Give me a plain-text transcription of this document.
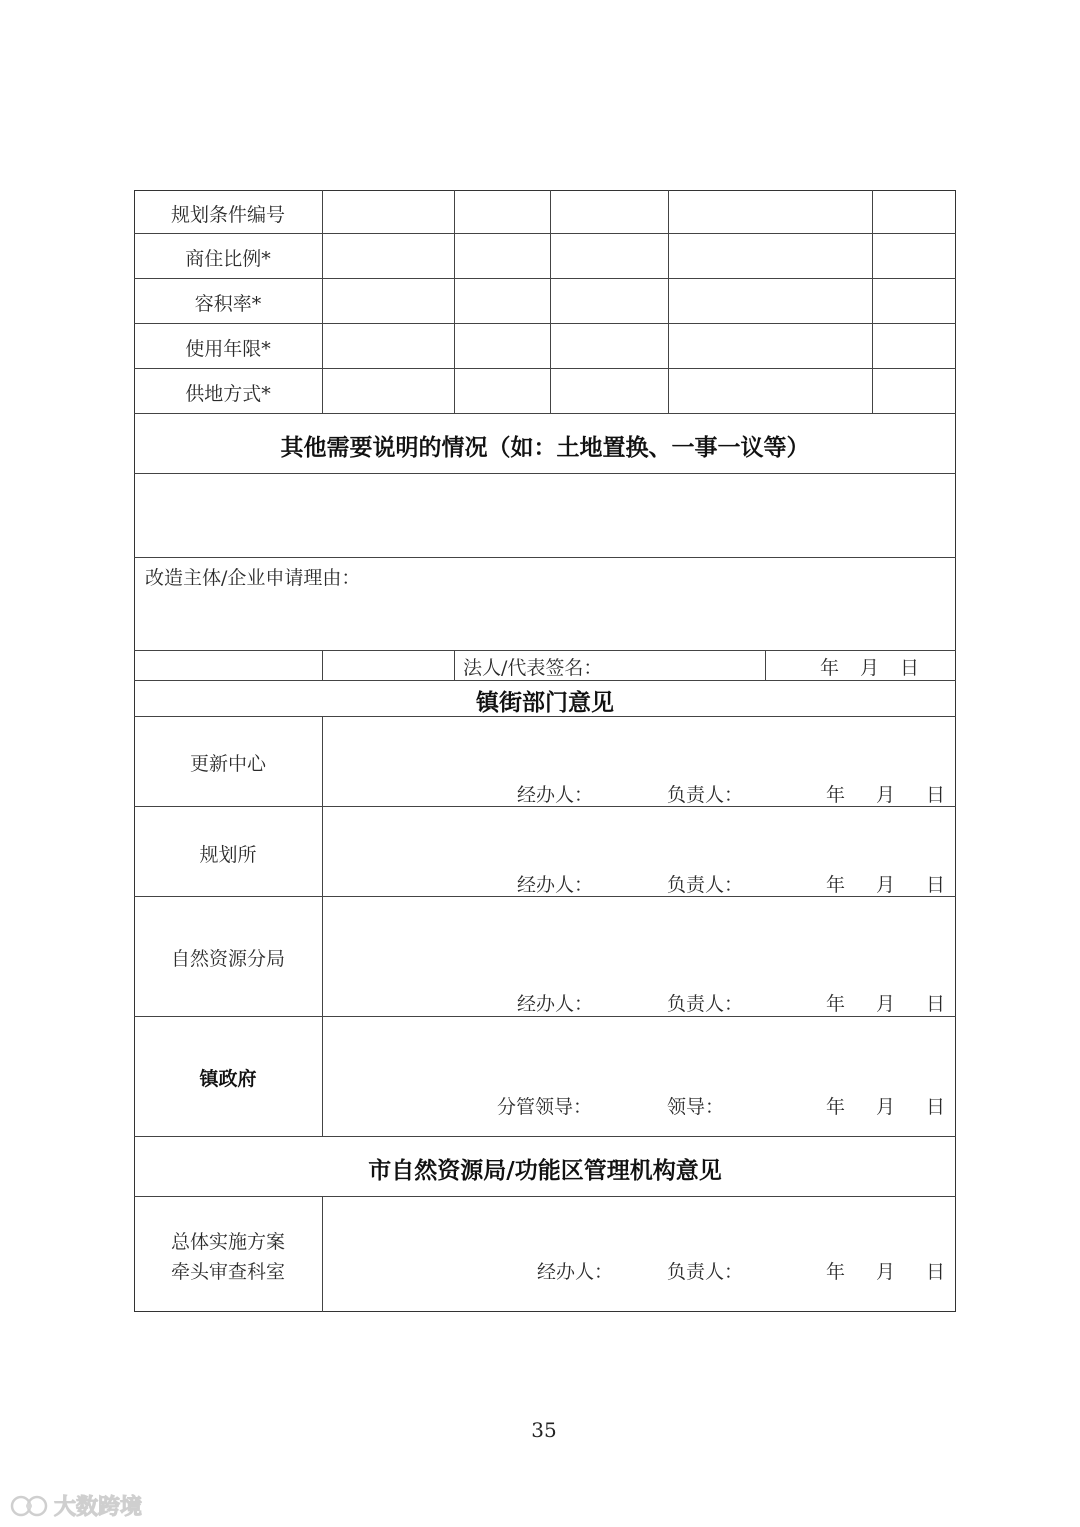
规划条件编号
商住比例*
容积率*
使用年限*
供地方式*
其他需要说明的情况（如：土地置换、一事一议等）
改造主体/企业申请理由：
法人/代表签名：	年 月 日
镇街部门意见
更新中心
经办人：	负责人：	年 月 日
规划所
经办人：	负责人：	年 月 日
自然资源分局
经办人：	负责人：	年 月 日
镇政府
分管领导：	领导：	年 月 日
市自然资源局/功能区管理机构意见
总体实施方案
牵头审查科室	经办人：	负责人：	年 月 日
35
大数跨境
